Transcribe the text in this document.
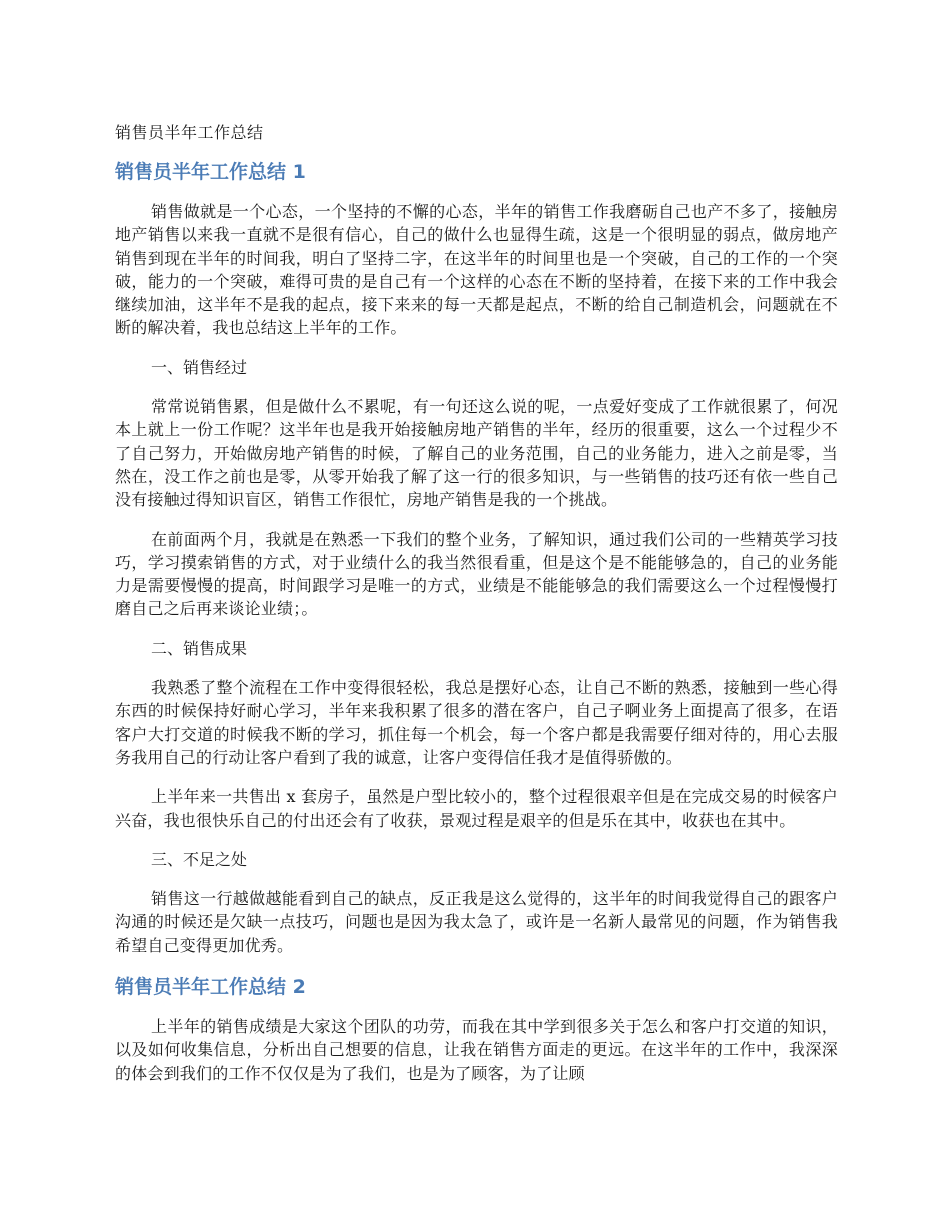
销售员半年工作总结
销售员半年工作总结 1

销售做就是一个心态，一个坚持的不懈的心态，半年的销售工作我磨砺自己也产不多了，接触房地产销售以来我一直就不是很有信心，自己的做什么也显得生疏，这是一个很明显的弱点，做房地产销售到现在半年的时间我，明白了坚持二字，在这半年的时间里也是一个突破，自己的工作的一个突破，能力的一个突破，难得可贵的是自己有一个这样的心态在不断的坚持着，在接下来的工作中我会继续加油，这半年不是我的起点，接下来来的每一天都是起点，不断的给自己制造机会，问题就在不断的解决着，我也总结这上半年的工作。

一、销售经过

常常说销售累，但是做什么不累呢，有一句还这么说的呢，一点爱好变成了工作就很累了，何况本上就上一份工作呢？这半年也是我开始接触房地产销售的半年，经历的很重要，这么一个过程少不了自己努力，开始做房地产销售的时候，了解自己的业务范围，自己的业务能力，进入之前是零，当然在，没工作之前也是零，从零开始我了解了这一行的很多知识，与一些销售的技巧还有依一些自己没有接触过得知识盲区，销售工作很忙，房地产销售是我的一个挑战。

在前面两个月，我就是在熟悉一下我们的整个业务，了解知识，通过我们公司的一些精英学习技巧，学习摸索销售的方式，对于业绩什么的我当然很看重，但是这个是不能能够急的，自己的业务能力是需要慢慢的提高，时间跟学习是唯一的方式，业绩是不能能够急的我们需要这么一个过程慢慢打磨自己之后再来谈论业绩；。

二、销售成果

我熟悉了整个流程在工作中变得很轻松，我总是摆好心态，让自己不断的熟悉，接触到一些心得东西的时候保持好耐心学习，半年来我积累了很多的潜在客户，自己子啊业务上面提高了很多，在语客户大打交道的时候我不断的学习，抓住每一个机会，每一个客户都是我需要仔细对待的，用心去服务我用自己的行动让客户看到了我的诚意，让客户变得信任我才是值得骄傲的。

上半年来一共售出 x 套房子，虽然是户型比较小的，整个过程很艰辛但是在完成交易的时候客户兴奋，我也很快乐自己的付出还会有了收获，景观过程是艰辛的但是乐在其中，收获也在其中。

三、不足之处

销售这一行越做越能看到自己的缺点，反正我是这么觉得的，这半年的时间我觉得自己的跟客户沟通的时候还是欠缺一点技巧，问题也是因为我太急了，或许是一名新人最常见的问题，作为销售我希望自己变得更加优秀。

销售员半年工作总结 2

上半年的销售成绩是大家这个团队的功劳，而我在其中学到很多关于怎么和客户打交道的知识，以及如何收集信息，分析出自己想要的信息，让我在销售方面走的更远。在这半年的工作中，我深深的体会到我们的工作不仅仅是为了我们，也是为了顾客，为了让顾
